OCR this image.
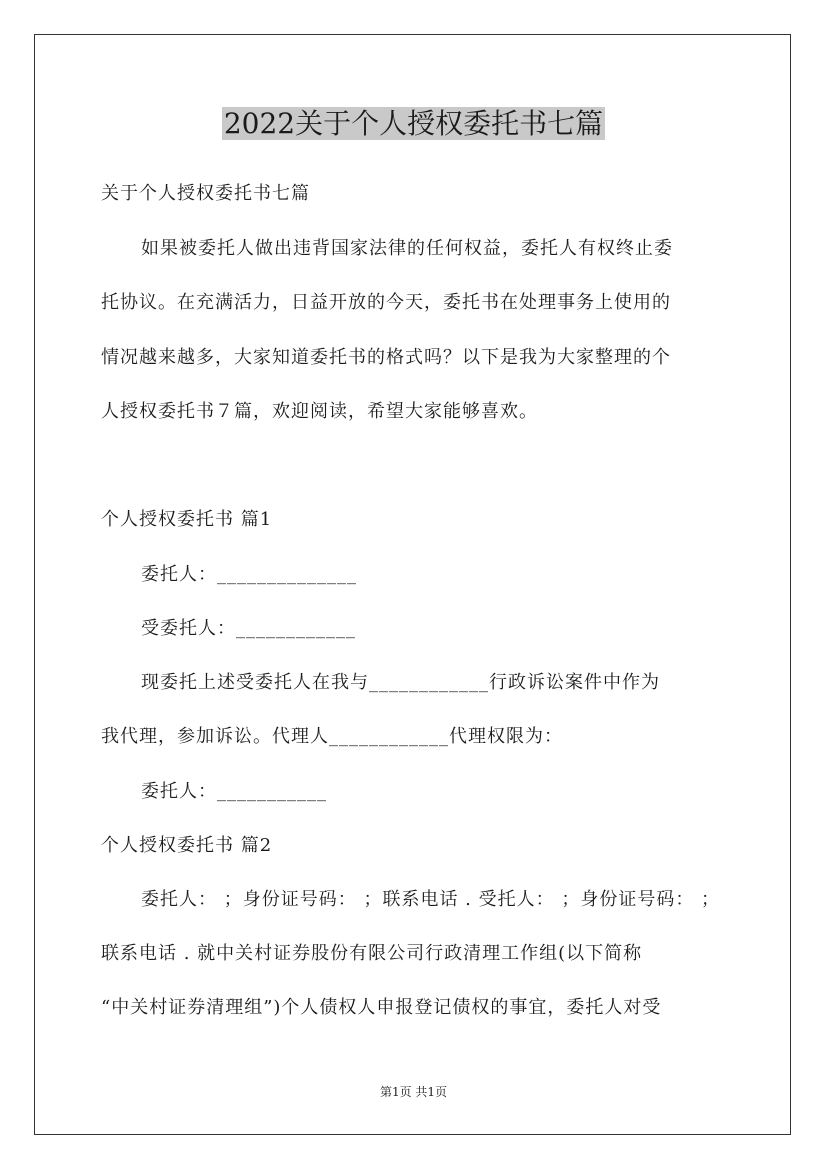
2022关于个人授权委托书七篇
关于个人授权委托书七篇
如果被委托人做出违背国家法律的任何权益，委托人有权终止委
托协议。在充满活力，日益开放的今天，委托书在处理事务上使用的
情况越来越多，大家知道委托书的格式吗？以下是我为大家整理的个
人授权委托书７篇，欢迎阅读，希望大家能够喜欢。
个人授权委托书 篇1
委托人：______________
受委托人：____________
现委托上述受委托人在我与____________行政诉讼案件中作为
我代理，参加诉讼。代理人____________代理权限为：
委托人：___________
个人授权委托书 篇2
委托人： ；身份证号码： ；联系电话 . 受托人： ；身份证号码： ；
联系电话 . 就中关村证券股份有限公司行政清理工作组(以下简称
“中关村证券清理组”)个人债权人申报登记债权的事宜，委托人对受
第1页 共1页
